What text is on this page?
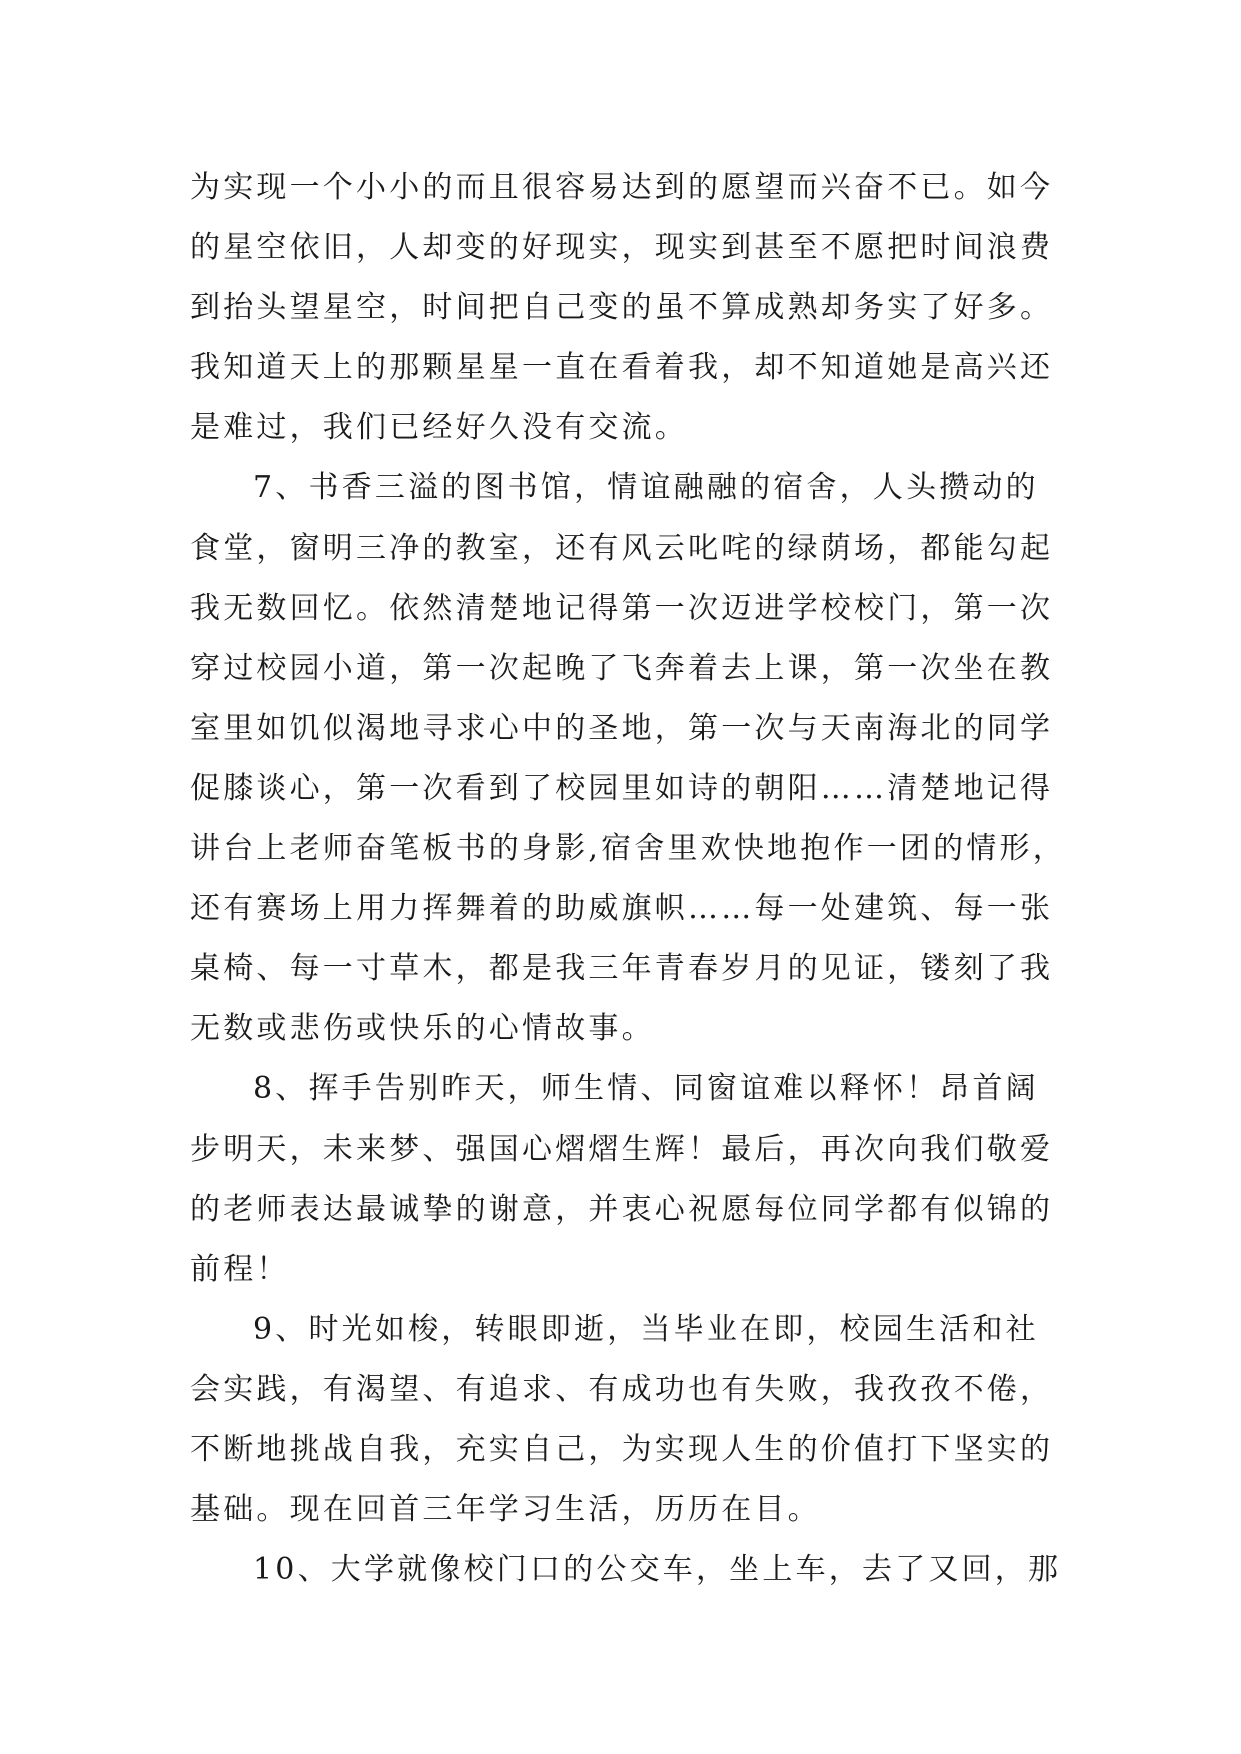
为实现一个小小的而且很容易达到的愿望而兴奋不已。如今
的星空依旧，人却变的好现实，现实到甚至不愿把时间浪费
到抬头望星空，时间把自己变的虽不算成熟却务实了好多。
我知道天上的那颗星星一直在看着我，却不知道她是高兴还
是难过，我们已经好久没有交流。
7、书香三溢的图书馆，情谊融融的宿舍，人头攒动的
食堂，窗明三净的教室，还有风云叱咤的绿荫场，都能勾起
我无数回忆。依然清楚地记得第一次迈进学校校门，第一次
穿过校园小道，第一次起晚了飞奔着去上课，第一次坐在教
室里如饥似渴地寻求心中的圣地，第一次与天南海北的同学
促膝谈心，第一次看到了校园里如诗的朝阳……清楚地记得
讲台上老师奋笔板书的身影,宿舍里欢快地抱作一团的情形，
还有赛场上用力挥舞着的助威旗帜……每一处建筑、每一张
桌椅、每一寸草木，都是我三年青春岁月的见证，镂刻了我
无数或悲伤或快乐的心情故事。
8、挥手告别昨天，师生情、同窗谊难以释怀！昂首阔
步明天，未来梦、强国心熠熠生辉！最后，再次向我们敬爱
的老师表达最诚挚的谢意，并衷心祝愿每位同学都有似锦的
前程！
9、时光如梭，转眼即逝，当毕业在即，校园生活和社
会实践，有渴望、有追求、有成功也有失败，我孜孜不倦，
不断地挑战自我，充实自己，为实现人生的价值打下坚实的
基础。现在回首三年学习生活，历历在目。
10、大学就像校门口的公交车，坐上车，去了又回，那
